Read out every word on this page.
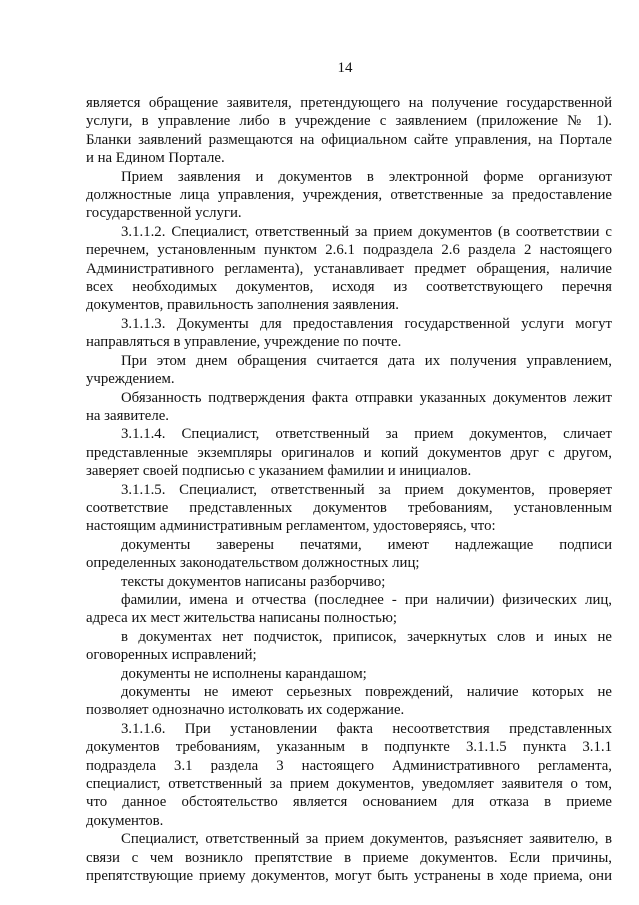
14
является обращение заявителя, претендующего на получение государственной
услуги, в управление либо в учреждение с заявлением (приложение № 1).
Бланки заявлений размещаются на официальном сайте управления, на Портале
и на Едином Портале.
Прием заявления и документов в электронной форме организуют
должностные лица управления, учреждения, ответственные за предоставление
государственной услуги.
3.1.1.2. Специалист, ответственный за прием документов (в соответствии с
перечнем, установленным пунктом 2.6.1 подраздела 2.6 раздела 2 настоящего
Административного регламента), устанавливает предмет обращения, наличие
всех необходимых документов, исходя из соответствующего перечня
документов, правильность заполнения заявления.
3.1.1.3. Документы для предоставления государственной услуги могут
направляться в управление, учреждение по почте.
При этом днем обращения считается дата их получения управлением,
учреждением.
Обязанность подтверждения факта отправки указанных документов лежит
на заявителе.
3.1.1.4. Специалист, ответственный за прием документов, сличает
представленные экземпляры оригиналов и копий документов друг с другом,
заверяет своей подписью с указанием фамилии и инициалов.
3.1.1.5. Специалист, ответственный за прием документов, проверяет
соответствие представленных документов требованиям, установленным
настоящим административным регламентом, удостоверяясь, что:
документы заверены печатями, имеют надлежащие подписи
определенных законодательством должностных лиц;
тексты документов написаны разборчиво;
фамилии, имена и отчества (последнее - при наличии) физических лиц,
адреса их мест жительства написаны полностью;
в документах нет подчисток, приписок, зачеркнутых слов и иных не
оговоренных исправлений;
документы не исполнены карандашом;
документы не имеют серьезных повреждений, наличие которых не
позволяет однозначно истолковать их содержание.
3.1.1.6. При установлении факта несоответствия представленных
документов требованиям, указанным в подпункте 3.1.1.5 пункта 3.1.1
подраздела 3.1 раздела 3 настоящего Административного регламента,
специалист, ответственный за прием документов, уведомляет заявителя о том,
что данное обстоятельство является основанием для отказа в приеме
документов.
Специалист, ответственный за прием документов, разъясняет заявителю, в
связи с чем возникло препятствие в приеме документов. Если причины,
препятствующие приему документов, могут быть устранены в ходе приема, они
